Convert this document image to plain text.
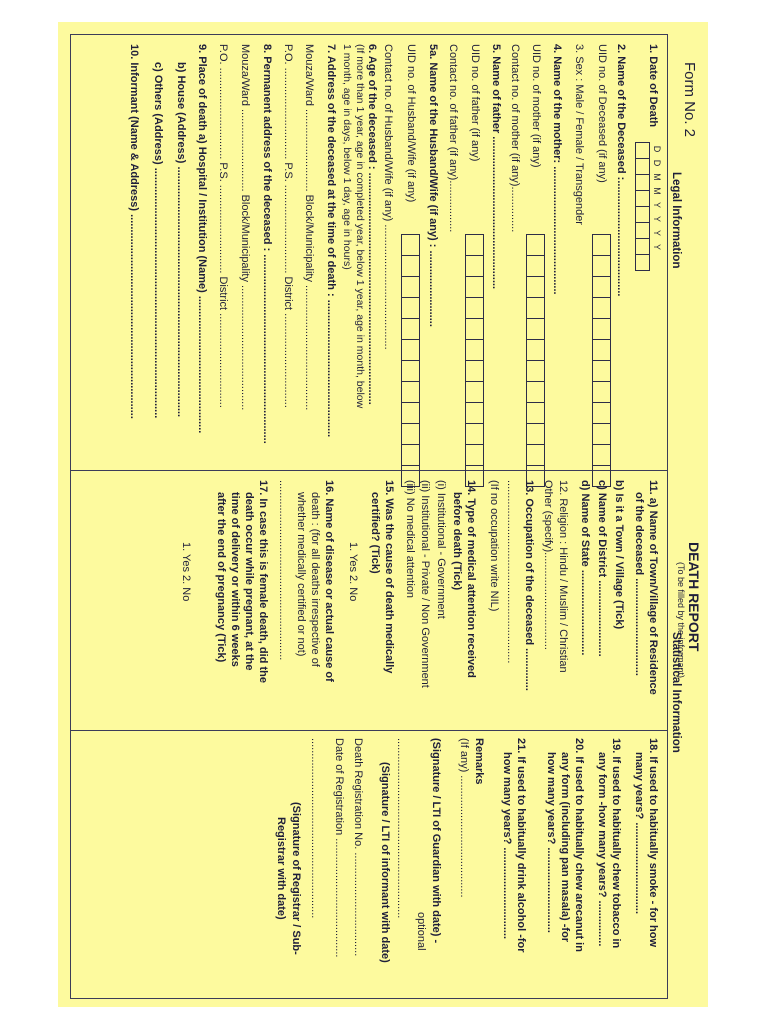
Form No. 2
DEATH REPORT
(To be filled by the informant)
Legal Information
Statistical Information
1. Date of Death
D
D
M
M
Y
Y
Y
Y
2. Name of the Deceased :......................................
UID no. of Deceased (if any)
3. Sex : Male / Female / Transgender
4. Name of the mother: ..........................................
UID no. of mother (if any)
Contact no. of mother (if any)...............
5. Name of father ..................................................
UID no. of father (if any)
Contact no. of father (if any).................
5a. Name of the Husband/Wife (if any) : .........................
UID no. of Husband/Wife (if any)
Contact no. of Husband/Wife (if any) .........................................
6. Age of the deceased : ............................................................................
(If more than 1 year, age in completed year, below 1 year, age in month, below
1 month, age in days, below 1 day, age in hours)
7. Address of the deceased at the time of death : .............................................
Mouza/Ward ........................... Block/Municipality .........................................
P.O. .............................. P.S. ............................. District ...............................
8. Permanent address of the deceased : ..............................................................
Mouza/Ward ........................... Block/Municipality .........................................
P.O. .............................. P.S. ............................. District ...............................
9. Place of death a) Hospital / Institution (Name) .............................................
b) House (Address) ..................................................................................
c) Others (Address) ..................................................................................
10. Informant (Name & Address) ...................................................................
11. a) Name of Town/Village of Residence
of the deceased ................................
b) Is it a Town / Village (Tick)
c) Name of District .........................
d) Name of State ............................
12. Religion : Hindu / Muslim / Christian
Other (specify)................................
13. Occupation of the deceased ..............
............................................................
(If no occupation write NIL)
14. Type of medical attention received
before death (Tick)
(i) Institutional - Government
(ii) Institutional - Private / Non Government
(iii) No medical attention
15. Was the cause of death medically
certified? (Tick)
1. Yes 2. No
16. Name of disease or actual cause of
death : (for all deaths irrespective of
whether medically certified or not)
...........................................................
17. In case this is female death, did the
death occur while pregnant, at the
time of delivery or within 6 weeks
after the end of pregnancy (Tick)
1. Yes 2. No
18. If used to habitually smoke - for how
many years? ..............................
19. If used to habitually chew tobacco in
any form -how many years? ...............
20. If used to habitually chew arecanut in
any form (including pan masala) -for
how many years? ............................
21. If used to habitually drink alcohol -for
how many years? ..............................
Remarks
(If any) ........................................
(Signature / LTI of Guardian with date) -
optional
...........................................................
(Signature / LTI of informant with date)
Death Registration No. ..................................
Date of Registration .......................................
...........................................................
(Signature of Registrar / Sub-
Registrar with date)
